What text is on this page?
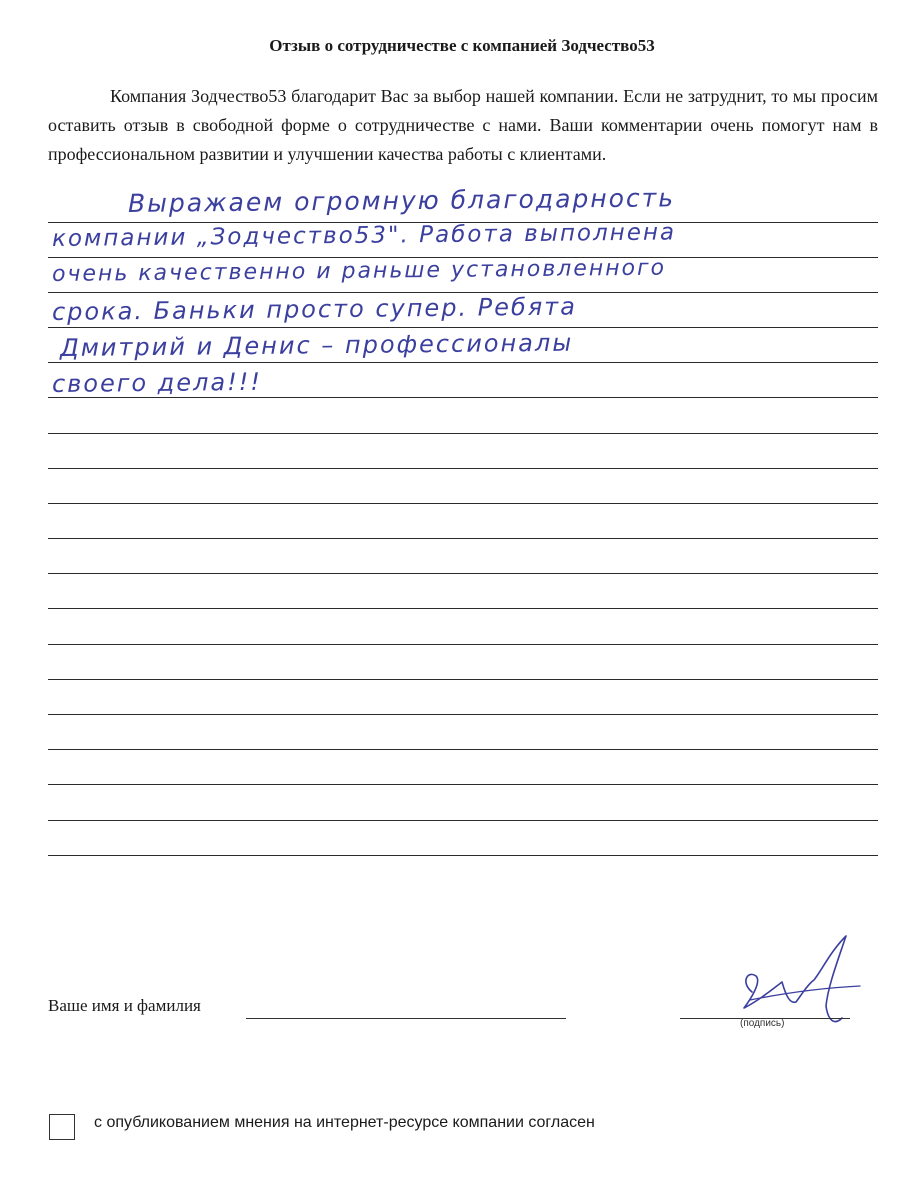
Отзыв о сотрудничестве с компанией Зодчество53
Компания Зодчество53 благодарит Вас за выбор нашей компании. Если не затруднит, то мы просим оставить отзыв в свободной форме о сотрудничестве с нами. Ваши комментарии очень помогут нам в профессиональном развитии и улучшении качества работы с клиентами.
Выражаем огромную благодарность
компании „Зодчество53". Работа выполнена
очень качественно и раньше установленного
срока. Баньки просто супер. Ребята
Дмитрий и Денис – профессионалы
своего дела!!!
Ваше имя и фамилия
(подпись)
с опубликованием мнения на интернет-ресурсе компании согласен
